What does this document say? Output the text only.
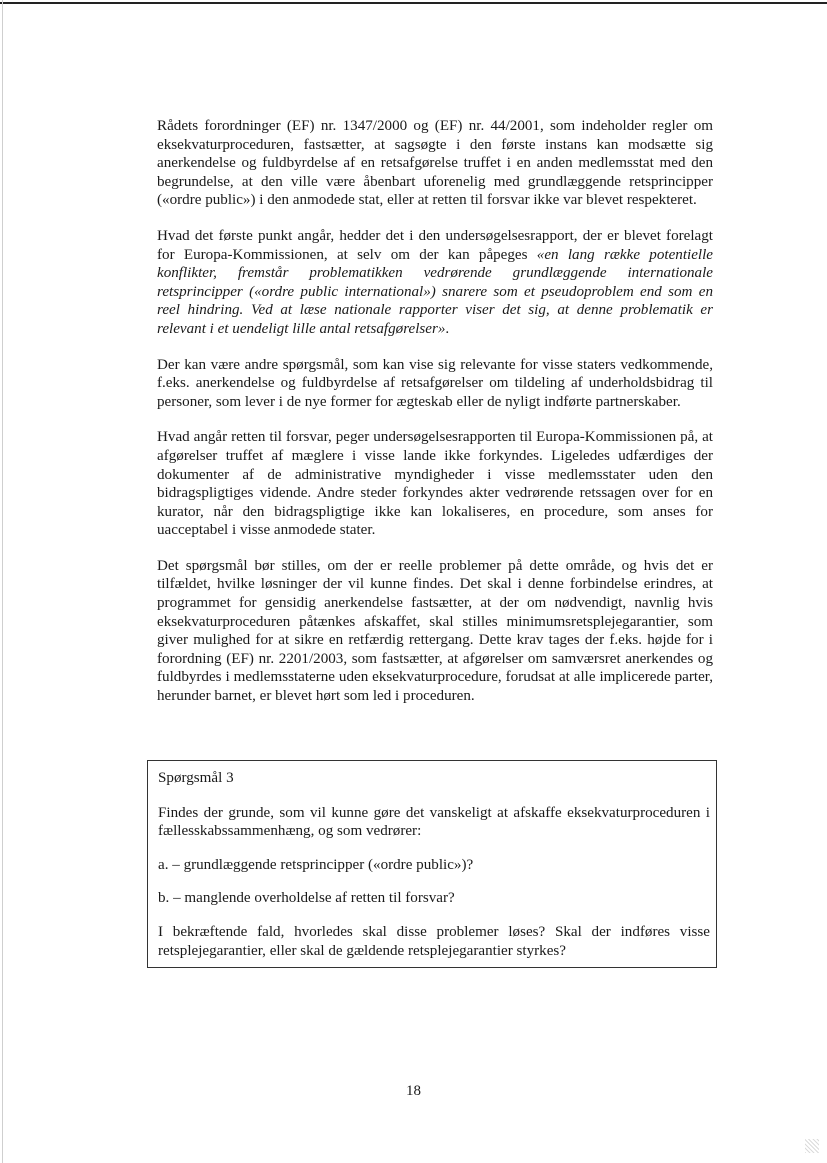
Rådets forordninger (EF) nr. 1347/2000 og (EF) nr. 44/2001, som indeholder regler om eksekvaturproceduren, fastsætter, at sagsøgte i den første instans kan modsætte sig anerkendelse og fuldbyrdelse af en retsafgørelse truffet i en anden medlemsstat med den begrundelse, at den ville være åbenbart uforenelig med grundlæggende retsprincipper («ordre public») i den anmodede stat, eller at retten til forsvar ikke var blevet respekteret.

Hvad det første punkt angår, hedder det i den undersøgelsesrapport, der er blevet forelagt for Europa-Kommissionen, at selv om der kan påpeges «en lang række potentielle konflikter, fremstår problematikken vedrørende grundlæggende internationale retsprincipper («ordre public international») snarere som et pseudoproblem end som en reel hindring. Ved at læse nationale rapporter viser det sig, at denne problematik er relevant i et uendeligt lille antal retsafgørelser».

Der kan være andre spørgsmål, som kan vise sig relevante for visse staters vedkommende, f.eks. anerkendelse og fuldbyrdelse af retsafgørelser om tildeling af underholdsbidrag til personer, som lever i de nye former for ægteskab eller de nyligt indførte partnerskaber.

Hvad angår retten til forsvar, peger undersøgelsesrapporten til Europa-Kommissionen på, at afgørelser truffet af mæglere i visse lande ikke forkyndes. Ligeledes udfærdiges der dokumenter af de administrative myndigheder i visse medlemsstater uden den bidragspligtiges vidende. Andre steder forkyndes akter vedrørende retssagen over for en kurator, når den bidragspligtige ikke kan lokaliseres, en procedure, som anses for uacceptabel i visse anmodede stater.

Det spørgsmål bør stilles, om der er reelle problemer på dette område, og hvis det er tilfældet, hvilke løsninger der vil kunne findes. Det skal i denne forbindelse erindres, at programmet for gensidig anerkendelse fastsætter, at der om nødvendigt, navnlig hvis eksekvaturproceduren påtænkes afskaffet, skal stilles minimumsretsplejegarantier, som giver mulighed for at sikre en retfærdig rettergang. Dette krav tages der f.eks. højde for i forordning (EF) nr. 2201/2003, som fastsætter, at afgørelser om samværsret anerkendes og fuldbyrdes i medlemsstaterne uden eksekvaturprocedure, forudsat at alle implicerede parter, herunder barnet, er blevet hørt som led i proceduren.

Spørgsmål 3

Findes der grunde, som vil kunne gøre det vanskeligt at afskaffe eksekvaturproceduren i fællesskabssammenhæng, og som vedrører:

a. – grundlæggende retsprincipper («ordre public»)?

b. – manglende overholdelse af retten til forsvar?

I bekræftende fald, hvorledes skal disse problemer løses? Skal der indføres visse retsplejegarantier, eller skal de gældende retsplejegarantier styrkes?

18
